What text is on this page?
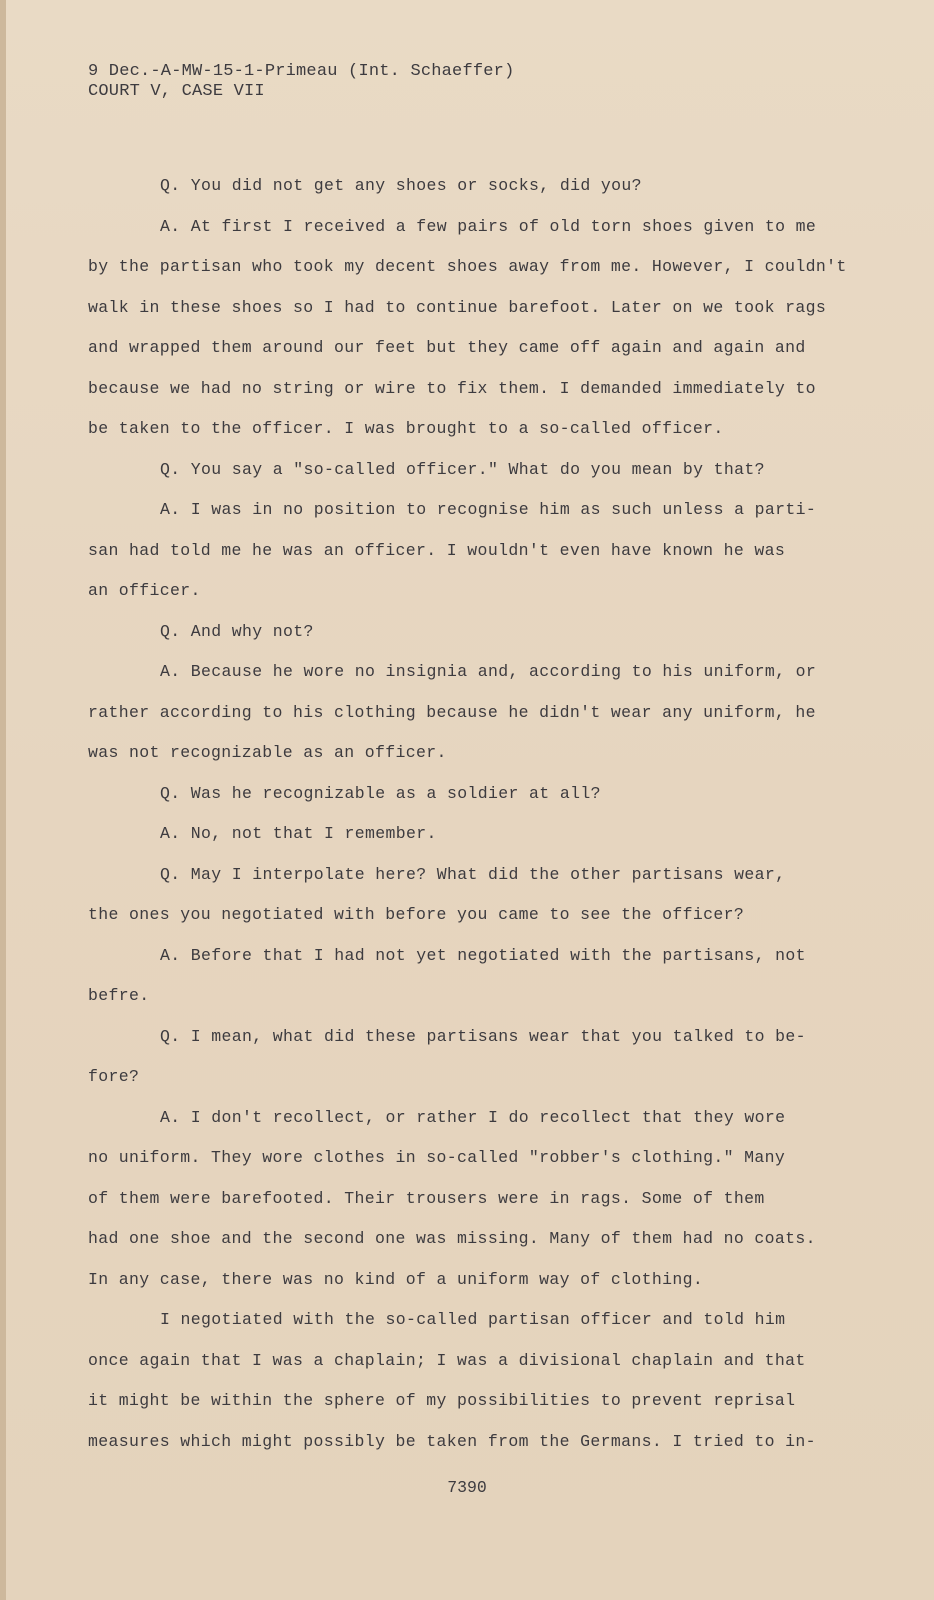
9 Dec.-A-MW-15-1-Primeau (Int. Schaeffer)
COURT V, CASE VII
Q. You did not get any shoes or socks, did you?
A. At first I received a few pairs of old torn shoes given to me
by the partisan who took my decent shoes away from me. However, I couldn't
walk in these shoes so I had to continue barefoot. Later on we took rags
and wrapped them around our feet but they came off again and again and
because we had no string or wire to fix them. I demanded immediately to
be taken to the officer. I was brought to a so-called officer.
Q. You say a "so-called officer." What do you mean by that?
A. I was in no position to recognise him as such unless a parti-
san had told me he was an officer. I wouldn't even have known he was
an officer.
Q. And why not?
A. Because he wore no insignia and, according to his uniform, or
rather according to his clothing because he didn't wear any uniform, he
was not recognizable as an officer.
Q. Was he recognizable as a soldier at all?
A. No, not that I remember.
Q. May I interpolate here? What did the other partisans wear,
the ones you negotiated with before you came to see the officer?
A. Before that I had not yet negotiated with the partisans, not
befre.
Q. I mean, what did these partisans wear that you talked to be-
fore?
A. I don't recollect, or rather I do recollect that they wore
no uniform. They wore clothes in so-called "robber's clothing." Many
of them were barefooted. Their trousers were in rags. Some of them
had one shoe and the second one was missing. Many of them had no coats.
In any case, there was no kind of a uniform way of clothing.
I negotiated with the so-called partisan officer and told him
once again that I was a chaplain; I was a divisional chaplain and that
it might be within the sphere of my possibilities to prevent reprisal
measures which might possibly be taken from the Germans. I tried to in-
7390
